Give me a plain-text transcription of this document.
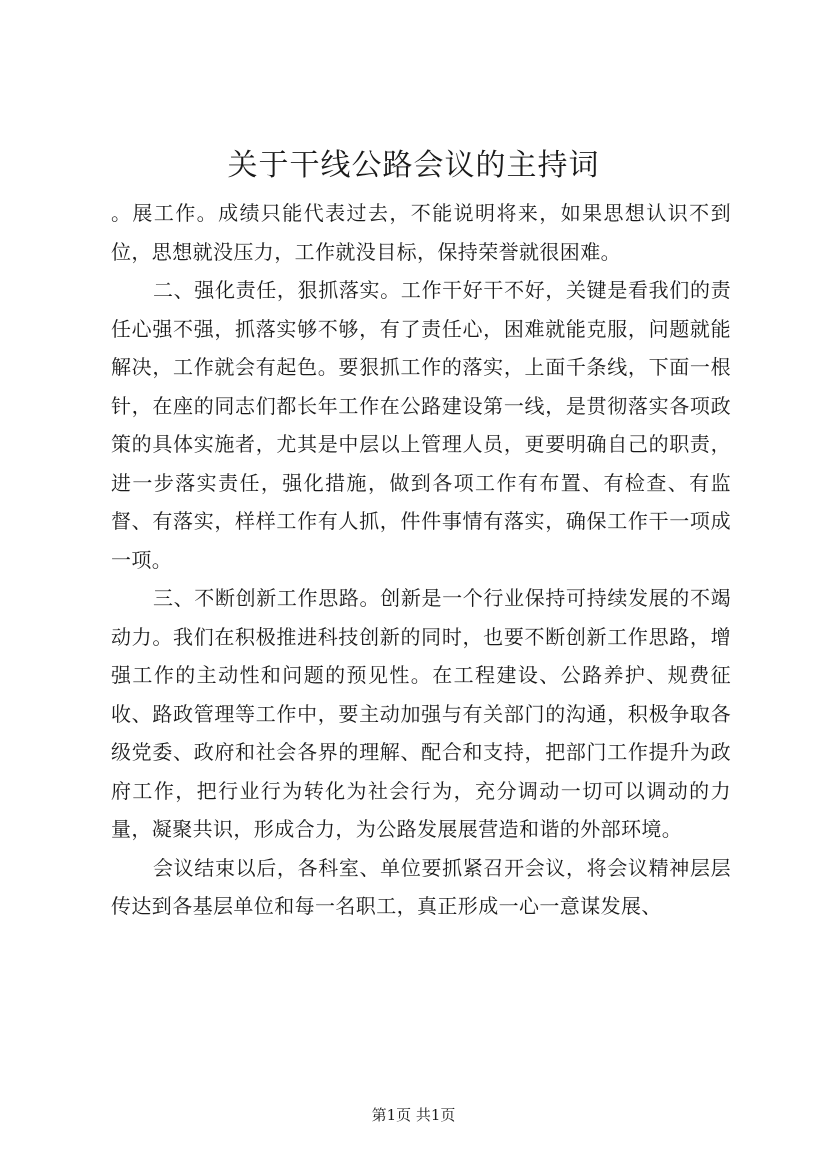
关于干线公路会议的主持词

。展工作。成绩只能代表过去，不能说明将来，如果思想认识不到位，思想就没压力，工作就没目标，保持荣誉就很困难。

二、强化责任，狠抓落实。工作干好干不好，关键是看我们的责任心强不强，抓落实够不够，有了责任心，困难就能克服，问题就能解决，工作就会有起色。要狠抓工作的落实，上面千条线，下面一根针，在座的同志们都长年工作在公路建设第一线，是贯彻落实各项政策的具体实施者，尤其是中层以上管理人员，更要明确自己的职责，进一步落实责任，强化措施，做到各项工作有布置、有检查、有监督、有落实，样样工作有人抓，件件事情有落实，确保工作干一项成一项。

三、不断创新工作思路。创新是一个行业保持可持续发展的不竭动力。我们在积极推进科技创新的同时，也要不断创新工作思路，增强工作的主动性和问题的预见性。在工程建设、公路养护、规费征收、路政管理等工作中，要主动加强与有关部门的沟通，积极争取各级党委、政府和社会各界的理解、配合和支持，把部门工作提升为政府工作，把行业行为转化为社会行为，充分调动一切可以调动的力量，凝聚共识，形成合力，为公路发展展营造和谐的外部环境。

会议结束以后，各科室、单位要抓紧召开会议，将会议精神层层传达到各基层单位和每一名职工，真正形成一心一意谋发展、

第1页 共1页
